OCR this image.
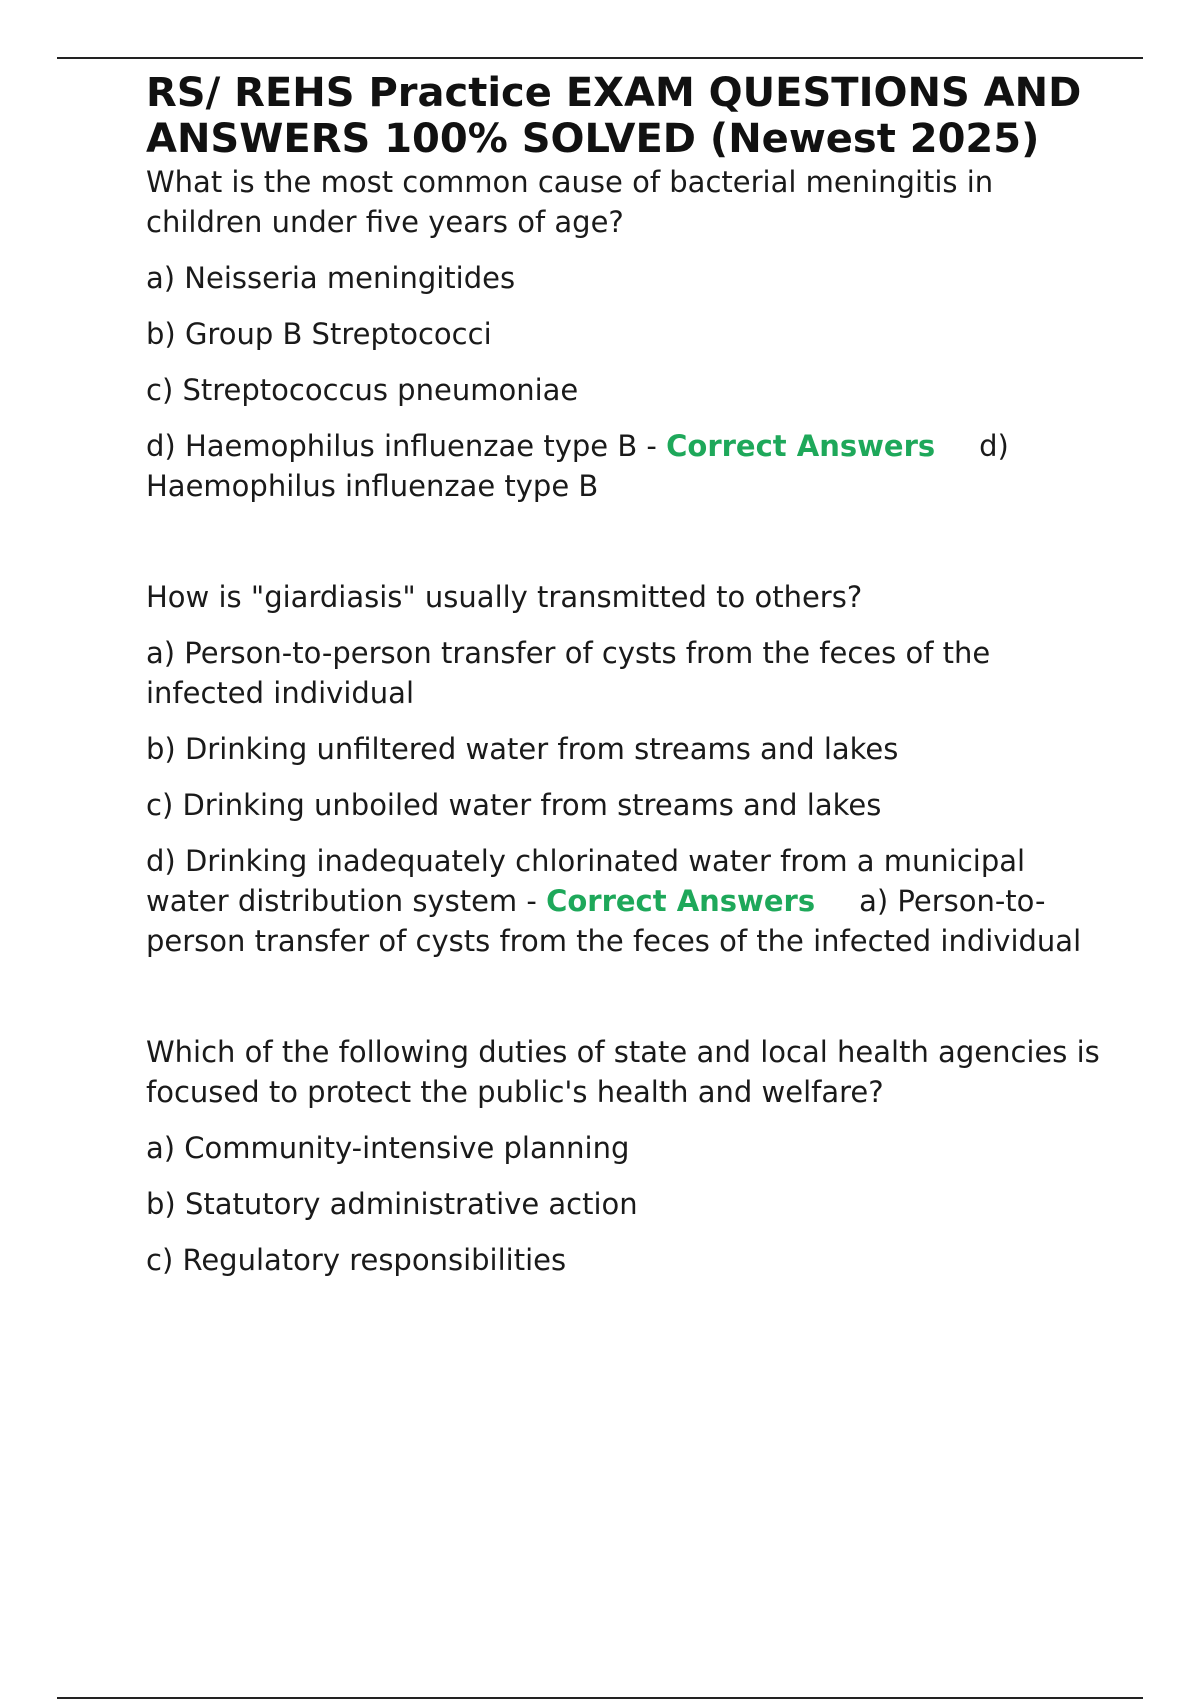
RS/ REHS Practice EXAM QUESTIONS AND ANSWERS 100% SOLVED (Newest 2025)

What is the most common cause of bacterial meningitis in children under five years of age?

a) Neisseria meningitides

b) Group B Streptococci

c) Streptococcus pneumoniae

d) Haemophilus influenzae type B - Correct Answers d) Haemophilus influenzae type B

How is "giardiasis" usually transmitted to others?

a) Person-to-person transfer of cysts from the feces of the infected individual

b) Drinking unfiltered water from streams and lakes

c) Drinking unboiled water from streams and lakes

d) Drinking inadequately chlorinated water from a municipal water distribution system - Correct Answers a) Person-to-person transfer of cysts from the feces of the infected individual

Which of the following duties of state and local health agencies is focused to protect the public's health and welfare?

a) Community-intensive planning

b) Statutory administrative action

c) Regulatory responsibilities
